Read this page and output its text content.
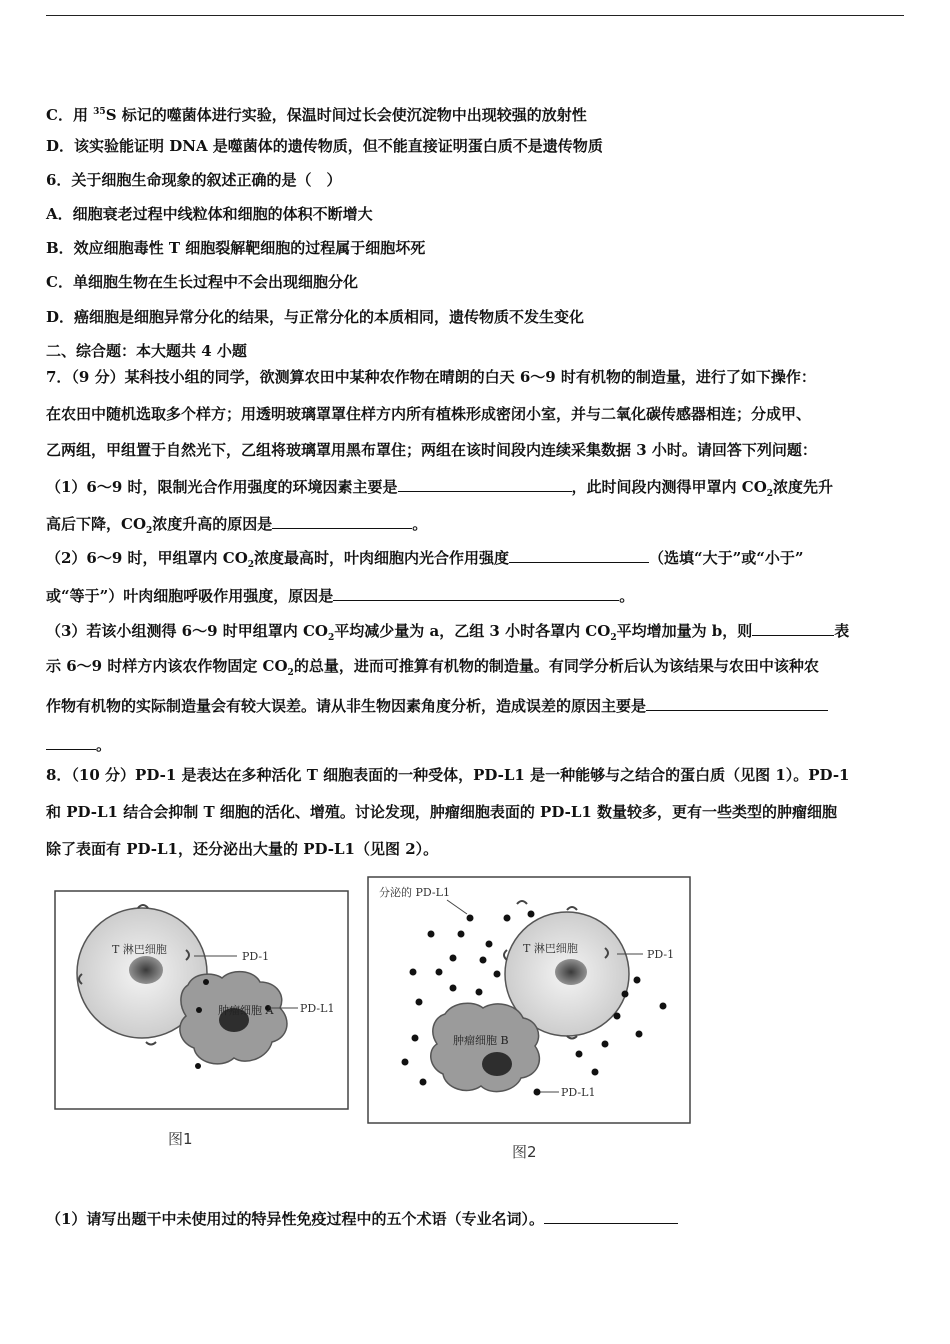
C．用 $^{35}$S 标记的噬菌体进行实验，保温时间过长会使沉淀物中出现较强的放射性
D．该实验能证明 DNA 是噬菌体的遗传物质，但不能直接证明蛋白质不是遗传物质
6．关于细胞生命现象的叙述正确的是（　）
A．细胞衰老过程中线粒体和细胞的体积不断增大
B．效应细胞毒性 T 细胞裂解靶细胞的过程属于细胞坏死
C．单细胞生物在生长过程中不会出现细胞分化
D．癌细胞是细胞异常分化的结果，与正常分化的本质相同，遗传物质不发生变化
二、综合题：本大题共 4 小题
7．（9 分）某科技小组的同学，欲测算农田中某种农作物在晴朗的白天 6～9 时有机物的制造量，进行了如下操作：
在农田中随机选取多个样方；用透明玻璃罩罩住样方内所有植株形成密闭小室，并与二氧化碳传感器相连；分成甲、
乙两组，甲组置于自然光下，乙组将玻璃罩用黑布罩住；两组在该时间段内连续采集数据 3 小时。请回答下列问题：
（1）6～9 时，限制光合作用强度的环境因素主要是	，此时间段内测得甲罩内 $CO_2$浓度先升
高后下降，$CO_2$浓度升高的原因是	。
（2）6～9 时，甲组罩内 $CO_2$浓度最高时，叶肉细胞内光合作用强度	（选填“大于”或“小于”
或“等于”）叶肉细胞呼吸作用强度，原因是	。
（3）若该小组测得 6～9 时甲组罩内 $CO_2$平均减少量为 a，乙组 3 小时各罩内 $CO_2$平均增加量为 b，则	表
示 6～9 时样方内该农作物固定 $CO_2$的总量，进而可推算有机物的制造量。有同学分析后认为该结果与农田中该种农
作物有机物的实际制造量会有较大误差。请从非生物因素角度分析，造成误差的原因主要是
。
8．（10 分）PD-1 是表达在多种活化 T 细胞表面的一种受体，PD-L1 是一种能够与之结合的蛋白质（见图 1）。PD-1
和 PD-L1 结合会抑制 T 细胞的活化、增殖。讨论发现，肿瘤细胞表面的 PD-L1 数量较多，更有一些类型的肿瘤细胞
除了表面有 PD-L1，还分泌出大量的 PD-L1（见图 2）。
T 淋巴细胞
肿瘤细胞 A
PD-1
PD-L1
图1
分泌的 PD-L1
T 淋巴细胞	PD-1
肿瘤细胞 B
PD-L1
图2
（1）请写出题干中未使用过的特异性免疫过程中的五个术语（专业名词）。
